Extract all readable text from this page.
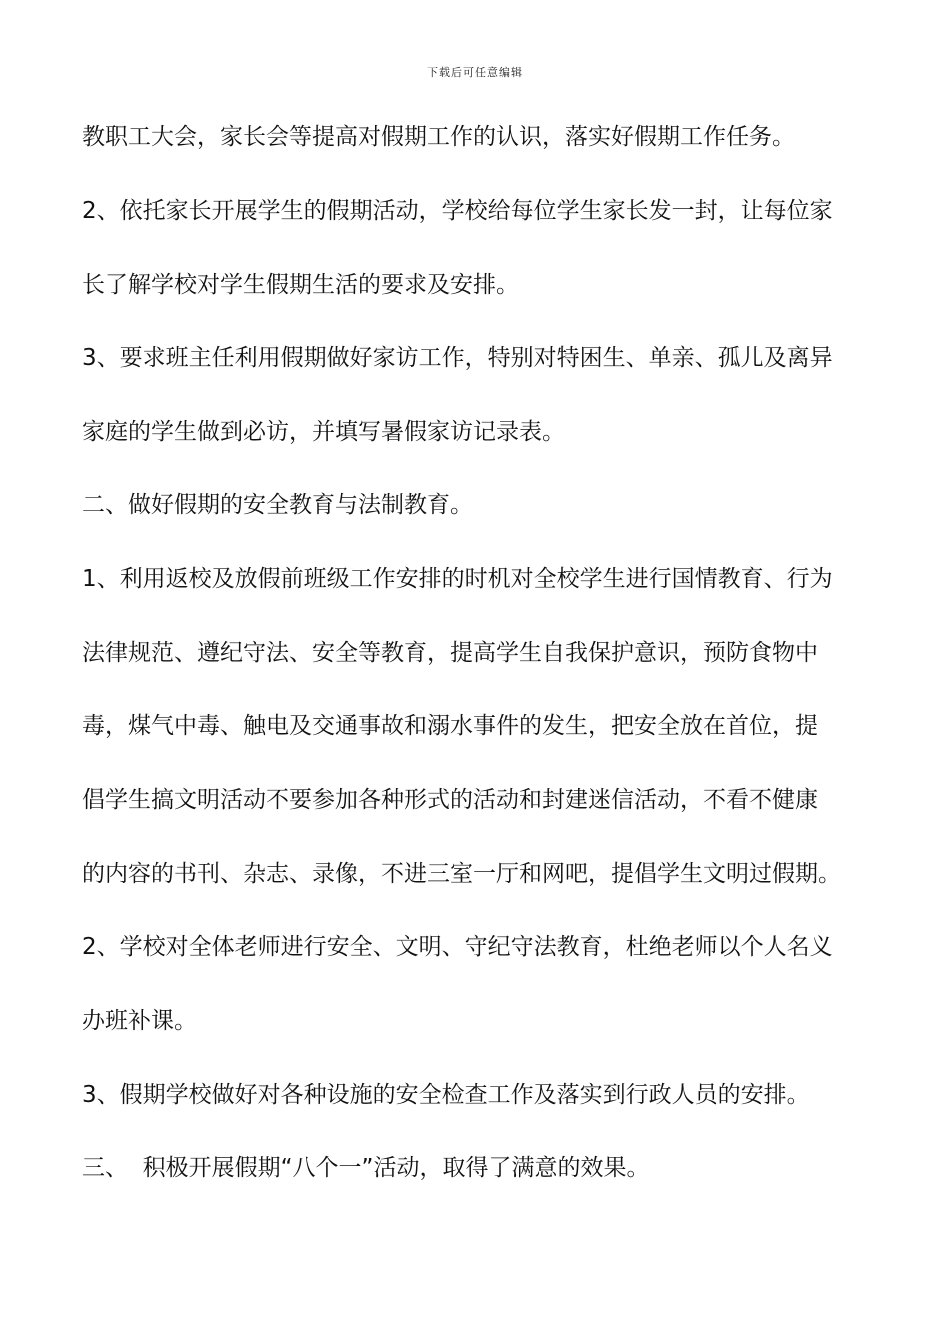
下载后可任意编辑
教职工大会，家长会等提高对假期工作的认识，落实好假期工作任务。
2、依托家长开展学生的假期活动，学校给每位学生家长发一封，让每位家
长了解学校对学生假期生活的要求及安排。
3、要求班主任利用假期做好家访工作，特别对特困生、单亲、孤儿及离异
家庭的学生做到必访，并填写暑假家访记录表。
二、做好假期的安全教育与法制教育。
1、利用返校及放假前班级工作安排的时机对全校学生进行国情教育、行为
法律规范、遵纪守法、安全等教育，提高学生自我保护意识，预防食物中
毒，煤气中毒、触电及交通事故和溺水事件的发生，把安全放在首位，提
倡学生搞文明活动不要参加各种形式的活动和封建迷信活动，不看不健康
的内容的书刊、杂志、录像，不进三室一厅和网吧，提倡学生文明过假期。
2、学校对全体老师进行安全、文明、守纪守法教育，杜绝老师以个人名义
办班补课。
3、假期学校做好对各种设施的安全检查工作及落实到行政人员的安排。
三、  积极开展假期“八个一”活动，取得了满意的效果。
